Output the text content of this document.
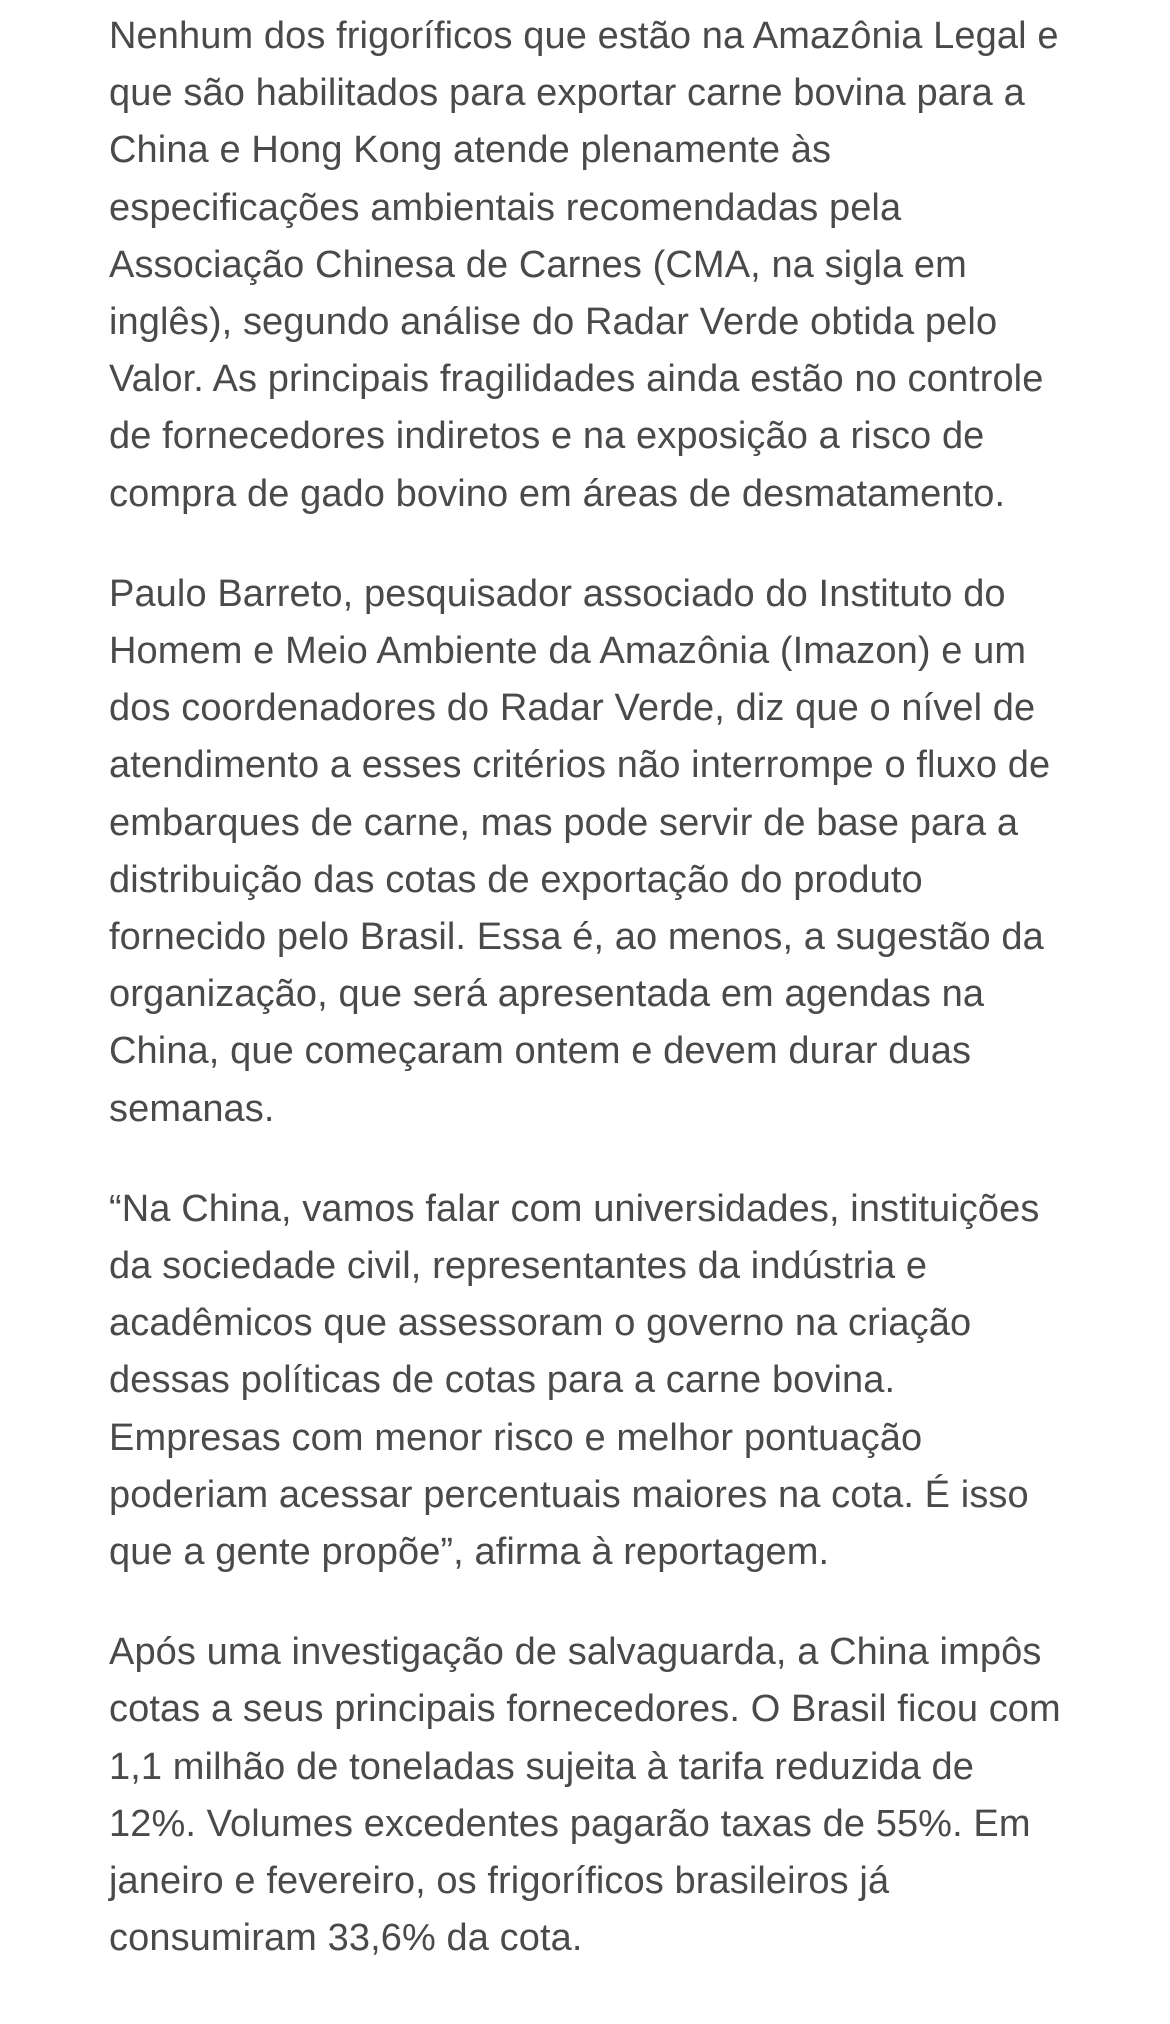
Nenhum dos frigoríficos que estão na Amazônia Legal e que são habilitados para exportar carne bovina para a China e Hong Kong atende plenamente às especificações ambientais recomendadas pela Associação Chinesa de Carnes (CMA, na sigla em inglês), segundo análise do Radar Verde obtida pelo Valor. As principais fragilidades ainda estão no controle de fornecedores indiretos e na exposição a risco de compra de gado bovino em áreas de desmatamento.

Paulo Barreto, pesquisador associado do Instituto do Homem e Meio Ambiente da Amazônia (Imazon) e um dos coordenadores do Radar Verde, diz que o nível de atendimento a esses critérios não interrompe o fluxo de embarques de carne, mas pode servir de base para a distribuição das cotas de exportação do produto fornecido pelo Brasil. Essa é, ao menos, a sugestão da organização, que será apresentada em agendas na China, que começaram ontem e devem durar duas semanas.

“Na China, vamos falar com universidades, instituições da sociedade civil, representantes da indústria e acadêmicos que assessoram o governo na criação dessas políticas de cotas para a carne bovina. Empresas com menor risco e melhor pontuação poderiam acessar percentuais maiores na cota. É isso que a gente propõe”, afirma à reportagem.

Após uma investigação de salvaguarda, a China impôs cotas a seus principais fornecedores. O Brasil ficou com 1,1 milhão de toneladas sujeita à tarifa reduzida de 12%. Volumes excedentes pagarão taxas de 55%. Em janeiro e fevereiro, os frigoríficos brasileiros já consumiram 33,6% da cota.
